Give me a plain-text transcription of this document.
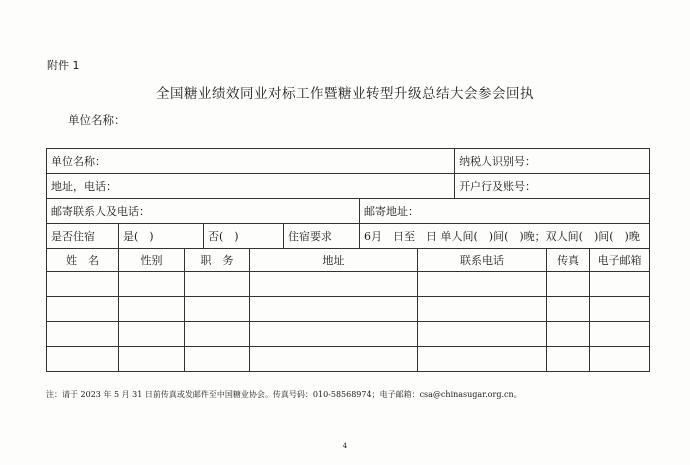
附件 1
全国糖业绩效同业对标工作暨糖业转型升级总结大会参会回执
单位名称：
单位名称：								纳税人识别号：		
地址，电话：								开户行及账号：		
邮寄联系人及电话：						邮寄地址：				
是否住宿	是(　)		否(　)		住宿要求	6月　日至　日 单人间(　)间(　)晚；双人间(　)间(　)晚				
姓　名	性别	职　务		地址			联系电话		传真	电子邮箱

注：请于 2023 年 5 月 31 日前传真或发邮件至中国糖业协会。传真号码：010-58568974；电子邮箱：csa@chinasugar.org.cn。
4
